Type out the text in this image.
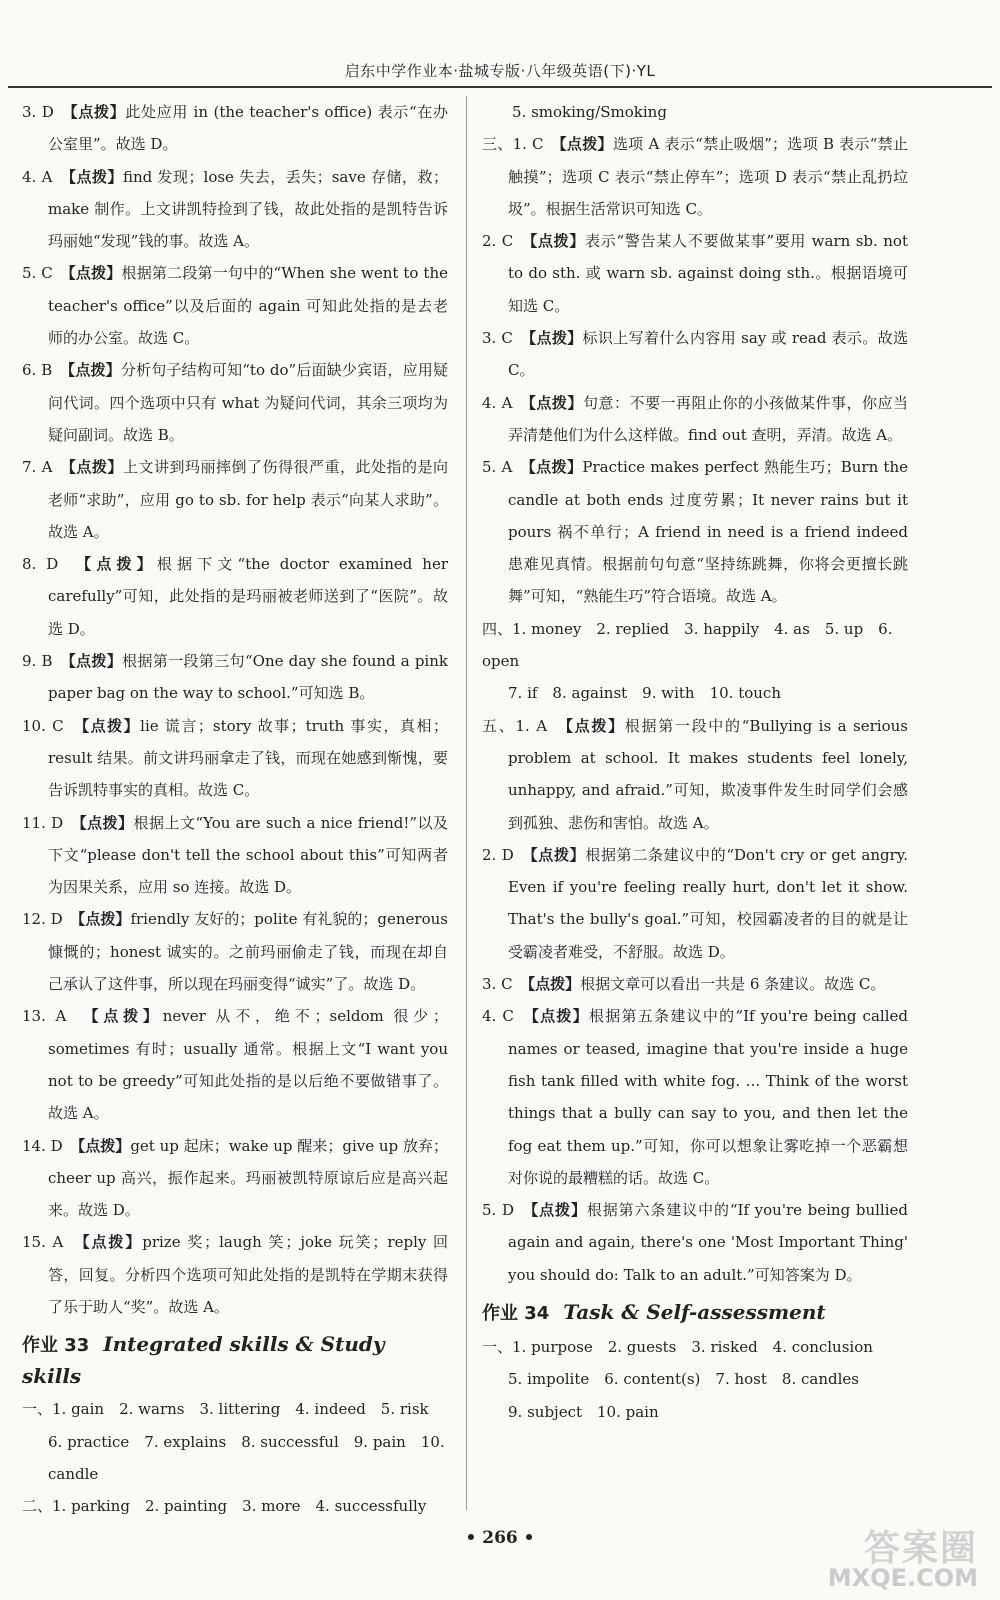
启东中学作业本·盐城专版·八年级英语(下)·YL

3. D　【点拨】此处应用 in (the teacher's office) 表示“在办公室里”。故选 D。

4. A　【点拨】find 发现；lose 失去，丢失；save 存储，救；make 制作。上文讲凯特捡到了钱，故此处指的是凯特告诉玛丽她“发现”钱的事。故选 A。

5. C　【点拨】根据第二段第一句中的“When she went to the teacher's office”以及后面的 again 可知此处指的是去老师的办公室。故选 C。

6. B　【点拨】分析句子结构可知“to do”后面缺少宾语，应用疑问代词。四个选项中只有 what 为疑问代词，其余三项均为疑问副词。故选 B。

7. A　【点拨】上文讲到玛丽摔倒了伤得很严重，此处指的是向老师“求助”，应用 go to sb. for help 表示“向某人求助”。故选 A。

8. D　【点拨】根据下文“the doctor examined her carefully”可知，此处指的是玛丽被老师送到了“医院”。故选 D。

9. B　【点拨】根据第一段第三句“One day she found a pink paper bag on the way to school.”可知选 B。

10. C　【点拨】lie 谎言；story 故事；truth 事实，真相；result 结果。前文讲玛丽拿走了钱，而现在她感到惭愧，要告诉凯特事实的真相。故选 C。

11. D　【点拨】根据上文“You are such a nice friend!”以及下文“please don't tell the school about this”可知两者为因果关系，应用 so 连接。故选 D。

12. D　【点拨】friendly 友好的；polite 有礼貌的；generous 慷慨的；honest 诚实的。之前玛丽偷走了钱，而现在却自己承认了这件事，所以现在玛丽变得“诚实”了。故选 D。

13. A　【点拨】never 从不，绝不；seldom 很少；sometimes 有时；usually 通常。根据上文“I want you not to be greedy”可知此处指的是以后绝不要做错事了。故选 A。

14. D　【点拨】get up 起床；wake up 醒来；give up 放弃；cheer up 高兴，振作起来。玛丽被凯特原谅后应是高兴起来。故选 D。

15. A　【点拨】prize 奖；laugh 笑；joke 玩笑；reply 回答，回复。分析四个选项可知此处指的是凯特在学期末获得了乐于助人“奖”。故选 A。

作业 33 Integrated skills & Study skills

一、1. gain　2. warns　3. littering　4. indeed　5. risk

6. practice　7. explains　8. successful　9. pain　10. candle

二、1. parking　2. painting　3. more　4. successfully

5. smoking/Smoking

三、1. C　【点拨】选项 A 表示“禁止吸烟”；选项 B 表示“禁止触摸”；选项 C 表示“禁止停车”；选项 D 表示“禁止乱扔垃圾”。根据生活常识可知选 C。

2. C　【点拨】表示“警告某人不要做某事”要用 warn sb. not to do sth. 或 warn sb. against doing sth.。根据语境可知选 C。

3. C　【点拨】标识上写着什么内容用 say 或 read 表示。故选 C。

4. A　【点拨】句意：不要一再阻止你的小孩做某件事，你应当弄清楚他们为什么这样做。find out 查明，弄清。故选 A。

5. A　【点拨】Practice makes perfect 熟能生巧；Burn the candle at both ends 过度劳累；It never rains but it pours 祸不单行；A friend in need is a friend indeed 患难见真情。根据前句句意“坚持练跳舞，你将会更擅长跳舞”可知，“熟能生巧”符合语境。故选 A。

四、1. money　2. replied　3. happily　4. as　5. up　6. open

7. if　8. against　9. with　10. touch

五、1. A　【点拨】根据第一段中的“Bullying is a serious problem at school. It makes students feel lonely, unhappy, and afraid.”可知，欺凌事件发生时同学们会感到孤独、悲伤和害怕。故选 A。

2. D　【点拨】根据第二条建议中的“Don't cry or get angry. Even if you're feeling really hurt, don't let it show. That's the bully's goal.”可知，校园霸凌者的目的就是让受霸凌者难受，不舒服。故选 D。

3. C　【点拨】根据文章可以看出一共是 6 条建议。故选 C。

4. C　【点拨】根据第五条建议中的“If you're being called names or teased, imagine that you're inside a huge fish tank filled with white fog. ... Think of the worst things that a bully can say to you, and then let the fog eat them up.”可知，你可以想象让雾吃掉一个恶霸想对你说的最糟糕的话。故选 C。

5. D　【点拨】根据第六条建议中的“If you're being bullied again and again, there's one 'Most Important Thing' you should do: Talk to an adult.”可知答案为 D。

作业 34 Task & Self-assessment

一、1. purpose　2. guests　3. risked　4. conclusion

5. impolite　6. content(s)　7. host　8. candles

9. subject　10. pain

• 266 •	答案圈
MXQE.COM
